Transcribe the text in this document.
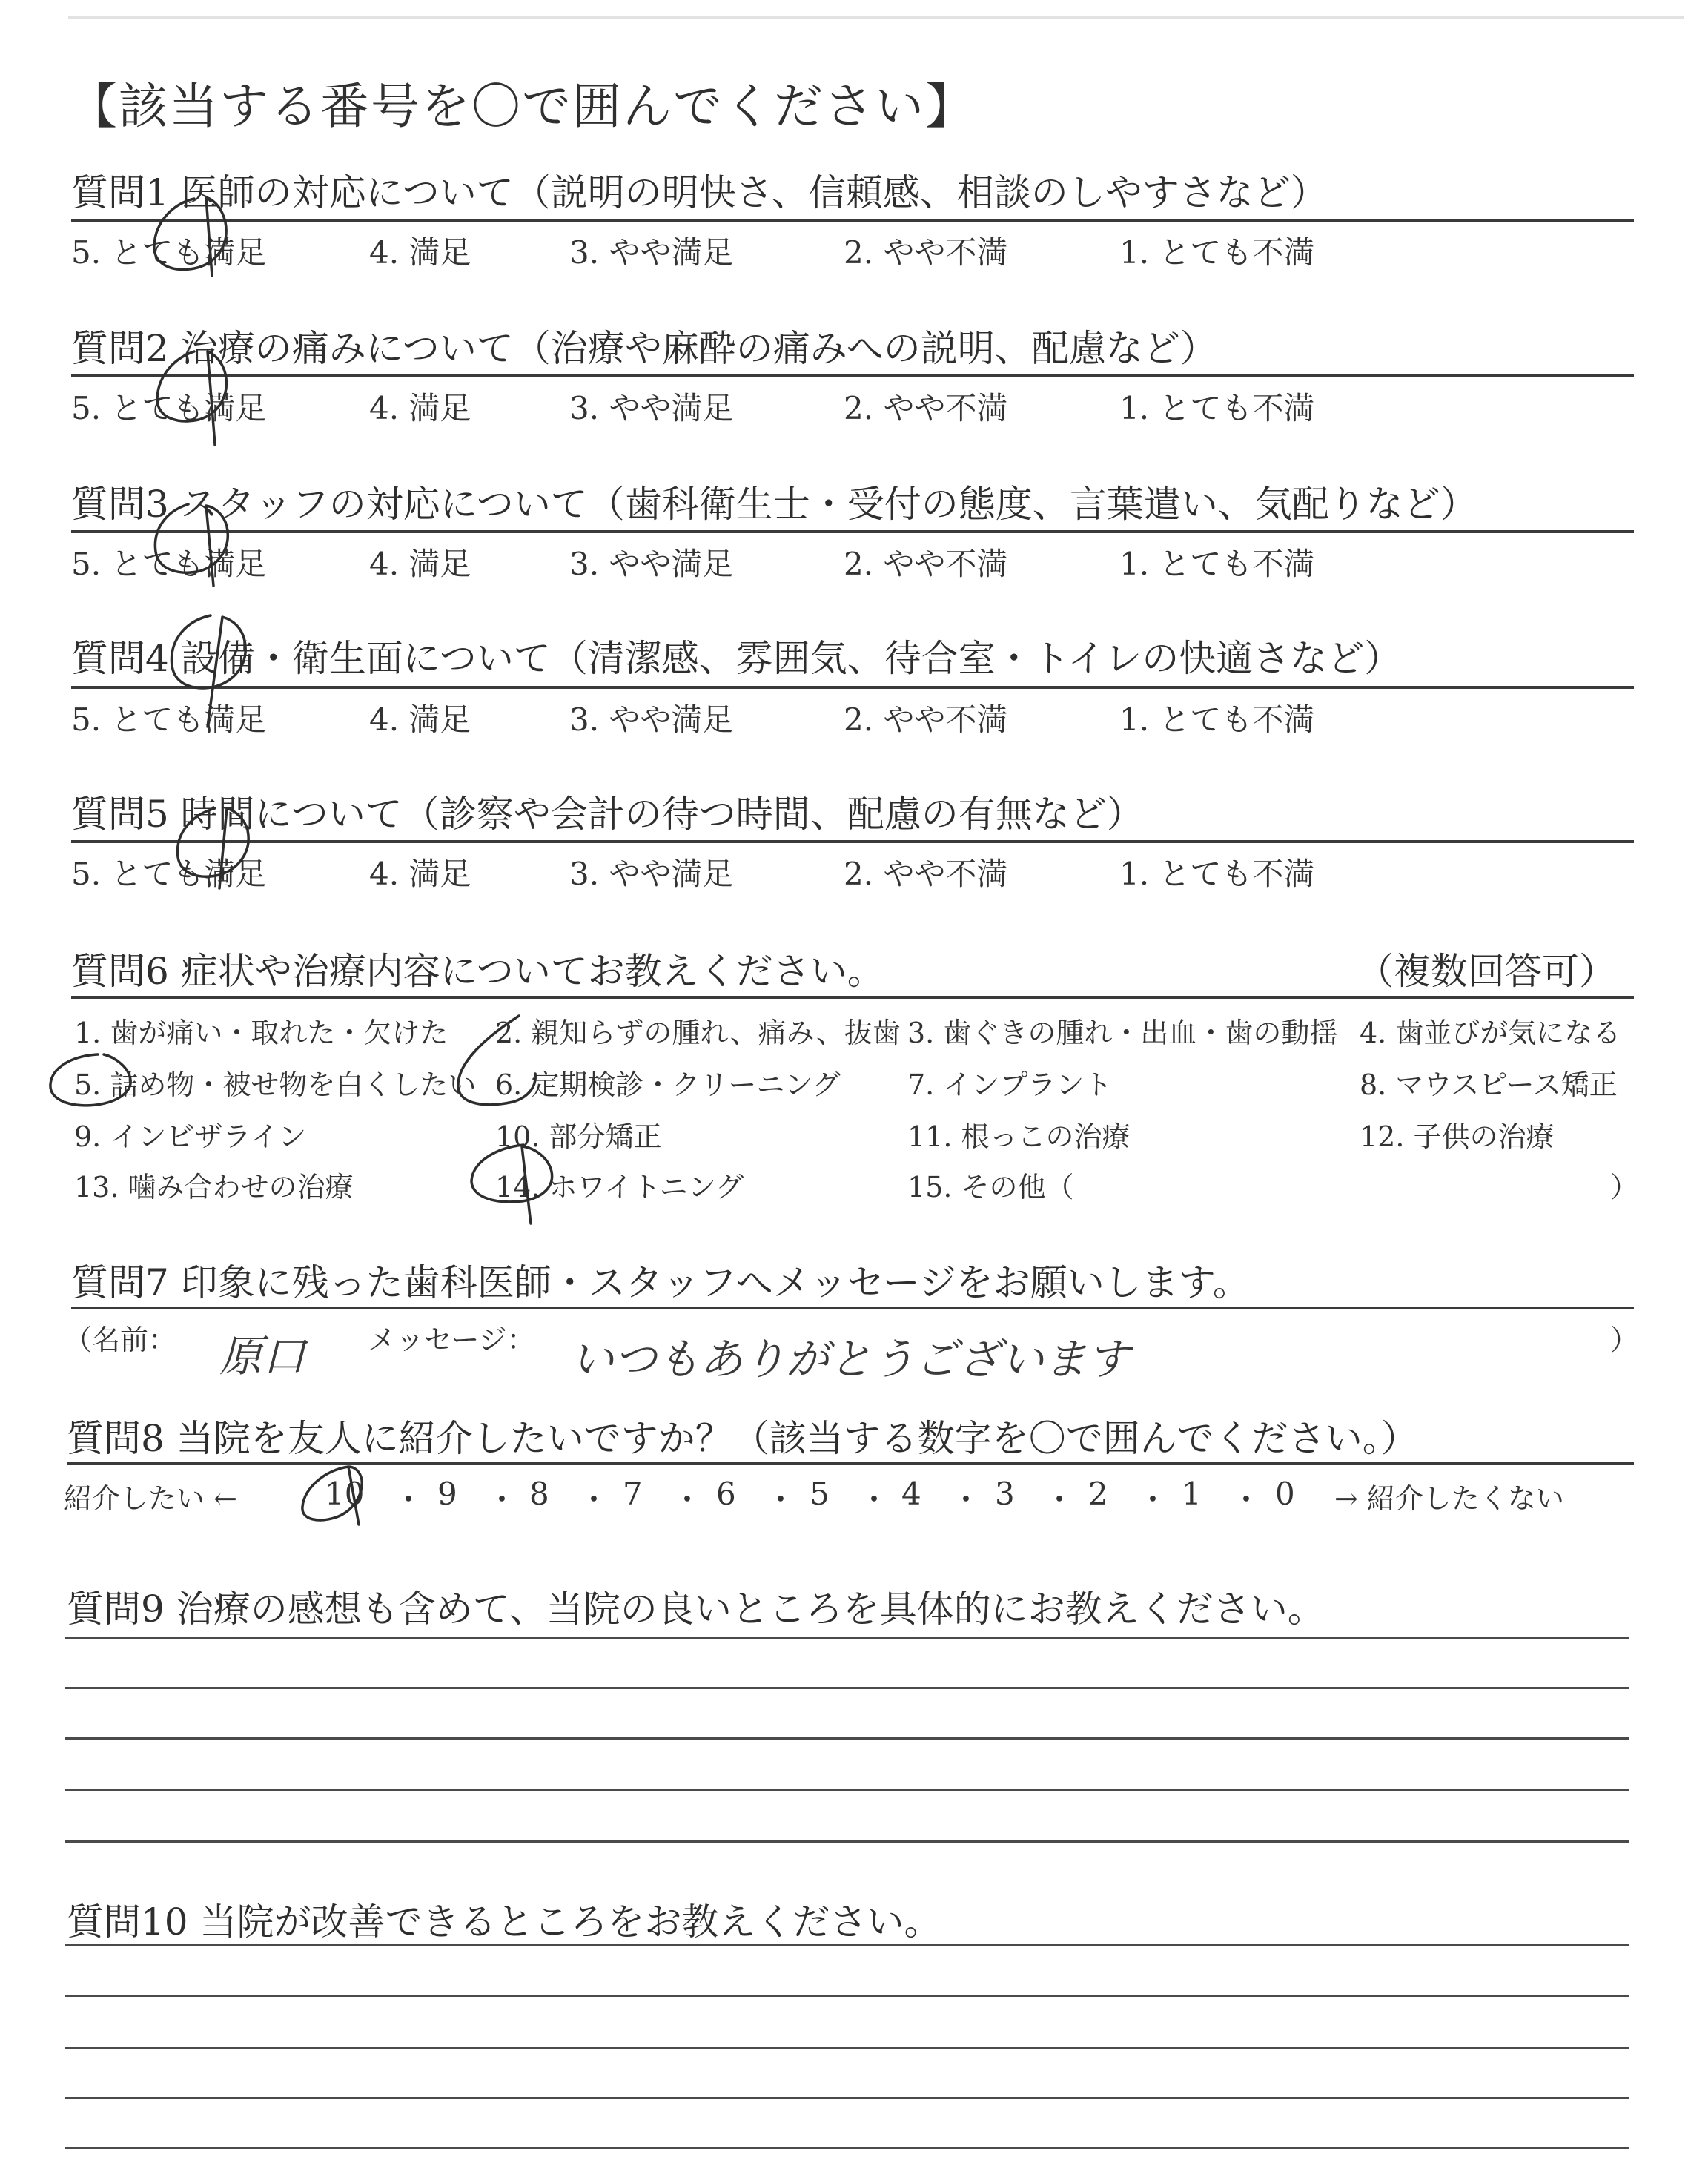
【該当する番号を〇で囲んでください】
質問1 医師の対応について（説明の明快さ、信頼感、相談のしやすさなど）
5. とても満足	4. 満足	3. やや満足	2. やや不満	1. とても不満
質問2 治療の痛みについて（治療や麻酔の痛みへの説明、配慮など）
5. とても満足	4. 満足	3. やや満足	2. やや不満	1. とても不満
質問3 スタッフの対応について（歯科衛生士・受付の態度、言葉遣い、気配りなど）
5. とても満足	4. 満足	3. やや満足	2. やや不満	1. とても不満
質問4 設備・衛生面について（清潔感、雰囲気、待合室・トイレの快適さなど）
5. とても満足	4. 満足	3. やや満足	2. やや不満	1. とても不満
質問5 時間について（診察や会計の待つ時間、配慮の有無など）
5. とても満足	4. 満足	3. やや満足	2. やや不満	1. とても不満
質問6 症状や治療内容についてお教えください。	（複数回答可）
1. 歯が痛い・取れた・欠けた 2. 親知らずの腫れ、痛み、抜歯 3. 歯ぐきの腫れ・出血・歯の動揺 4. 歯並びが気になる
5. 詰め物・被せ物を白くしたい 6. 定期検診・クリーニング 7. インプラント	8. マウスピース矯正
9. インビザライン	10. 部分矯正	11. 根っこの治療	12. 子供の治療
13. 噛み合わせの治療	14. ホワイトニング	15. その他（	）
質問7 印象に残った歯科医師・スタッフへメッセージをお願いします。
（名前： 原口 メッセージ： いつもありがとうございます	）
質問8 当院を友人に紹介したいですか？（該当する数字を〇で囲んでください。）
紹介したい ←	10 ・ 9 ・ 8 ・ 7 ・ 6 ・ 5 ・ 4 ・ 3 ・ 2 ・ 1 ・ 0 → 紹介したくない
質問9 治療の感想も含めて、当院の良いところを具体的にお教えください。
質問10 当院が改善できるところをお教えください。
